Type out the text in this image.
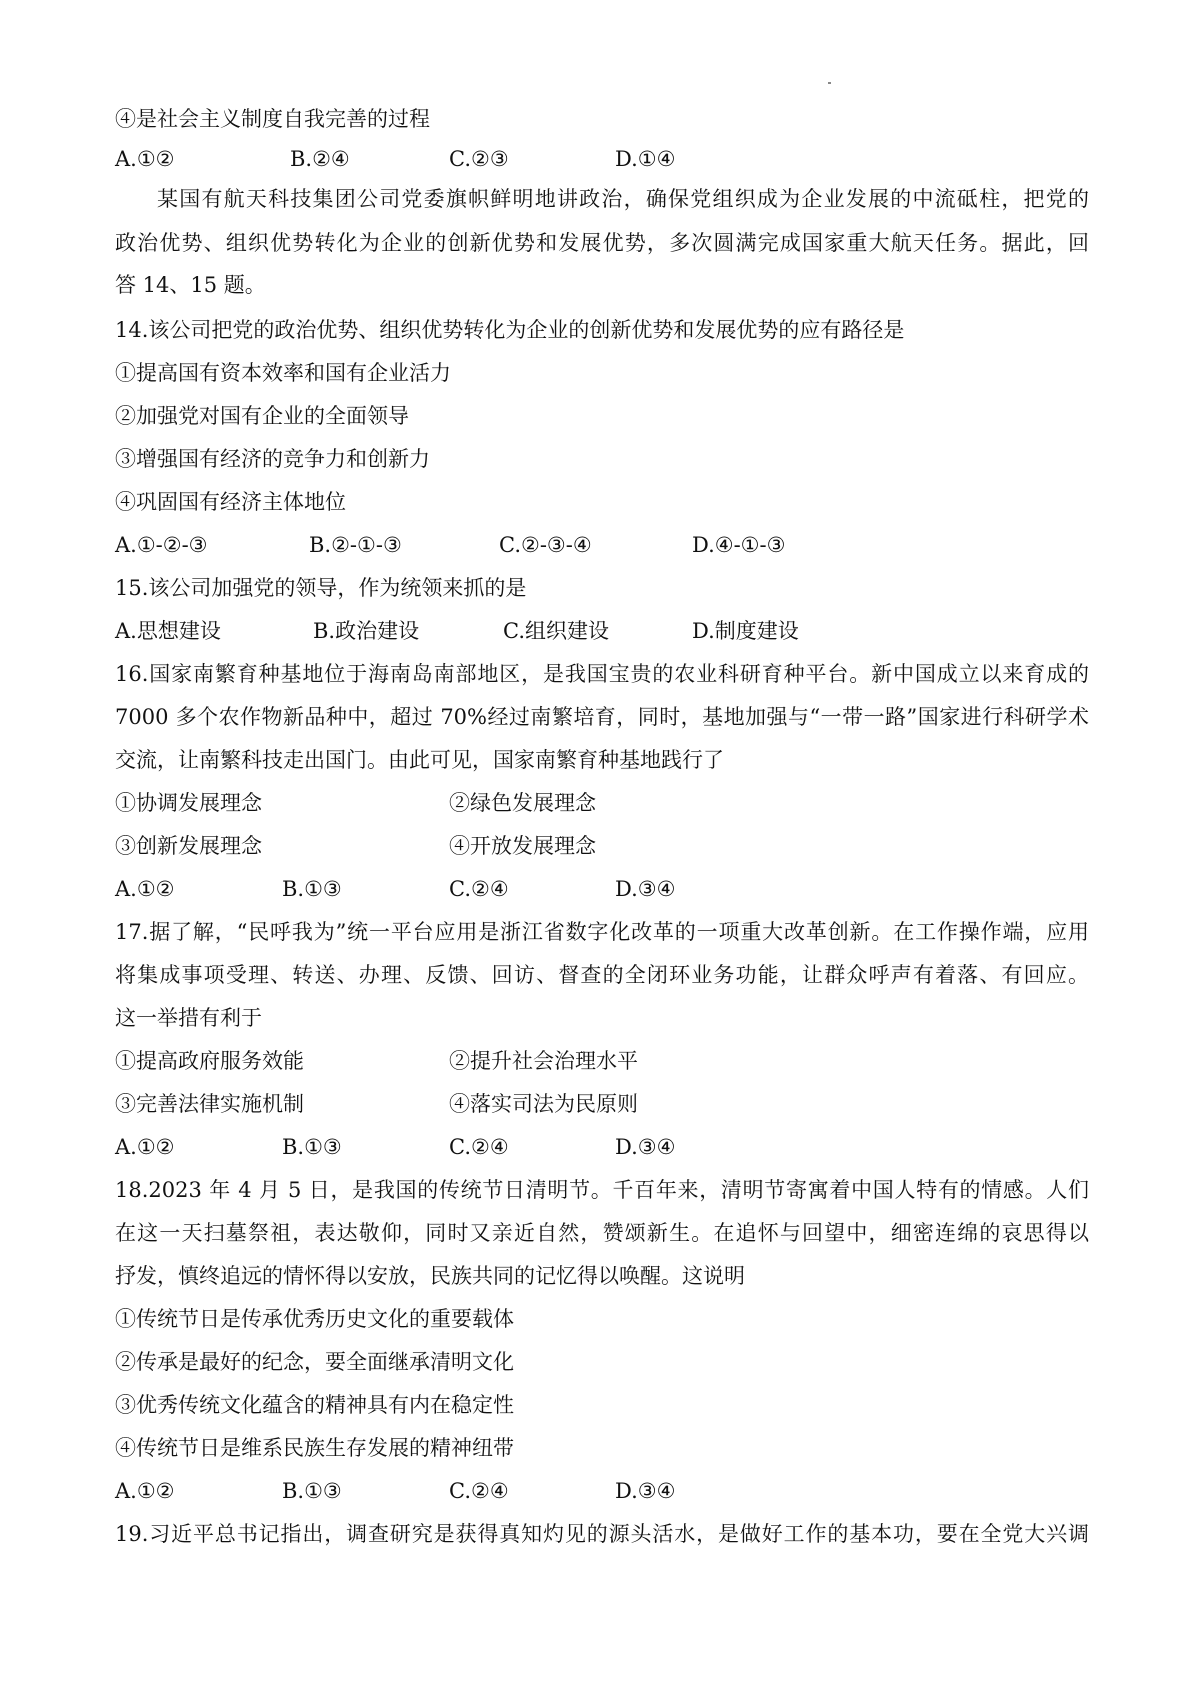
④是社会主义制度自我完善的过程
A.①②	B.②④	C.②③	D.①④
某国有航天科技集团公司党委旗帜鲜明地讲政治，确保党组织成为企业发展的中流砥柱，把党的
政治优势、组织优势转化为企业的创新优势和发展优势，多次圆满完成国家重大航天任务。据此，回
答 14、15 题。
14.该公司把党的政治优势、组织优势转化为企业的创新优势和发展优势的应有路径是
①提高国有资本效率和国有企业活力
②加强党对国有企业的全面领导
③增强国有经济的竞争力和创新力
④巩固国有经济主体地位
A.①-②-③	B.②-①-③	C.②-③-④	D.④-①-③
15.该公司加强党的领导，作为统领来抓的是
A.思想建设	B.政治建设	C.组织建设	D.制度建设
16.国家南繁育种基地位于海南岛南部地区，是我国宝贵的农业科研育种平台。新中国成立以来育成的
7000 多个农作物新品种中，超过 70%经过南繁培育，同时，基地加强与“一带一路”国家进行科研学术
交流，让南繁科技走出国门。由此可见，国家南繁育种基地践行了
①协调发展理念	②绿色发展理念
③创新发展理念	④开放发展理念
A.①②	B.①③	C.②④	D.③④
17.据了解，“民呼我为”统一平台应用是浙江省数字化改革的一项重大改革创新。在工作操作端，应用
将集成事项受理、转送、办理、反馈、回访、督查的全闭环业务功能，让群众呼声有着落、有回应。
这一举措有利于
①提高政府服务效能	②提升社会治理水平
③完善法律实施机制	④落实司法为民原则
A.①②	B.①③	C.②④	D.③④
18.2023 年 4 月 5 日，是我国的传统节日清明节。千百年来，清明节寄寓着中国人特有的情感。人们
在这一天扫墓祭祖，表达敬仰，同时又亲近自然，赞颂新生。在追怀与回望中，细密连绵的哀思得以
抒发，慎终追远的情怀得以安放，民族共同的记忆得以唤醒。这说明
①传统节日是传承优秀历史文化的重要载体
②传承是最好的纪念，要全面继承清明文化
③优秀传统文化蕴含的精神具有内在稳定性
④传统节日是维系民族生存发展的精神纽带
A.①②	B.①③	C.②④	D.③④
19.习近平总书记指出，调查研究是获得真知灼见的源头活水，是做好工作的基本功，要在全党大兴调
